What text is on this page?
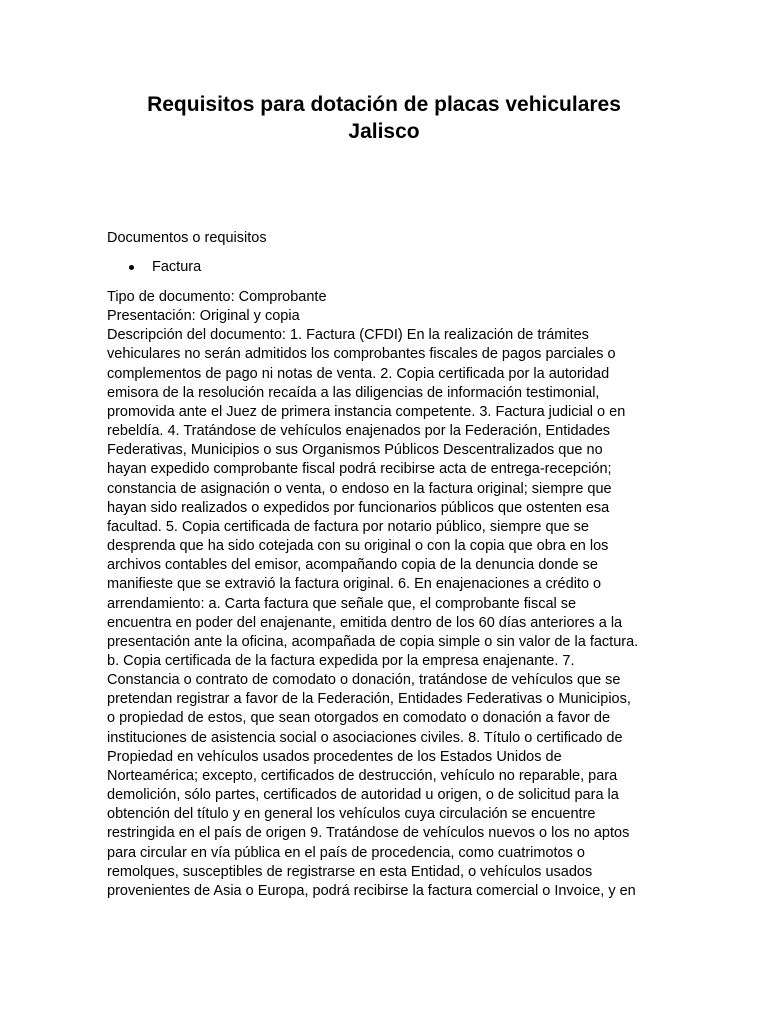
Requisitos para dotación de placas vehiculares
Jalisco
Documentos o requisitos
Factura
Tipo de documento: Comprobante
Presentación: Original y copia
Descripción del documento: 1. Factura (CFDI) En la realización de trámites
vehiculares no serán admitidos los comprobantes fiscales de pagos parciales o
complementos de pago ni notas de venta. 2. Copia certificada por la autoridad
emisora de la resolución recaída a las diligencias de información testimonial,
promovida ante el Juez de primera instancia competente. 3. Factura judicial o en
rebeldía. 4. Tratándose de vehículos enajenados por la Federación, Entidades
Federativas, Municipios o sus Organismos Públicos Descentralizados que no
hayan expedido comprobante fiscal podrá recibirse acta de entrega-recepción;
constancia de asignación o venta, o endoso en la factura original; siempre que
hayan sido realizados o expedidos por funcionarios públicos que ostenten esa
facultad. 5. Copia certificada de factura por notario público, siempre que se
desprenda que ha sido cotejada con su original o con la copia que obra en los
archivos contables del emisor, acompañando copia de la denuncia donde se
manifieste que se extravió la factura original. 6. En enajenaciones a crédito o
arrendamiento: a. Carta factura que señale que, el comprobante fiscal se
encuentra en poder del enajenante, emitida dentro de los 60 días anteriores a la
presentación ante la oficina, acompañada de copia simple o sin valor de la factura.
b. Copia certificada de la factura expedida por la empresa enajenante. 7.
Constancia o contrato de comodato o donación, tratándose de vehículos que se
pretendan registrar a favor de la Federación, Entidades Federativas o Municipios,
o propiedad de estos, que sean otorgados en comodato o donación a favor de
instituciones de asistencia social o asociaciones civiles. 8. Título o certificado de
Propiedad en vehículos usados procedentes de los Estados Unidos de
Norteamérica; excepto, certificados de destrucción, vehículo no reparable, para
demolición, sólo partes, certificados de autoridad u origen, o de solicitud para la
obtención del título y en general los vehículos cuya circulación se encuentre
restringida en el país de origen 9. Tratándose de vehículos nuevos o los no aptos
para circular en vía pública en el país de procedencia, como cuatrimotos o
remolques, susceptibles de registrarse en esta Entidad, o vehículos usados
provenientes de Asia o Europa, podrá recibirse la factura comercial o Invoice, y en
